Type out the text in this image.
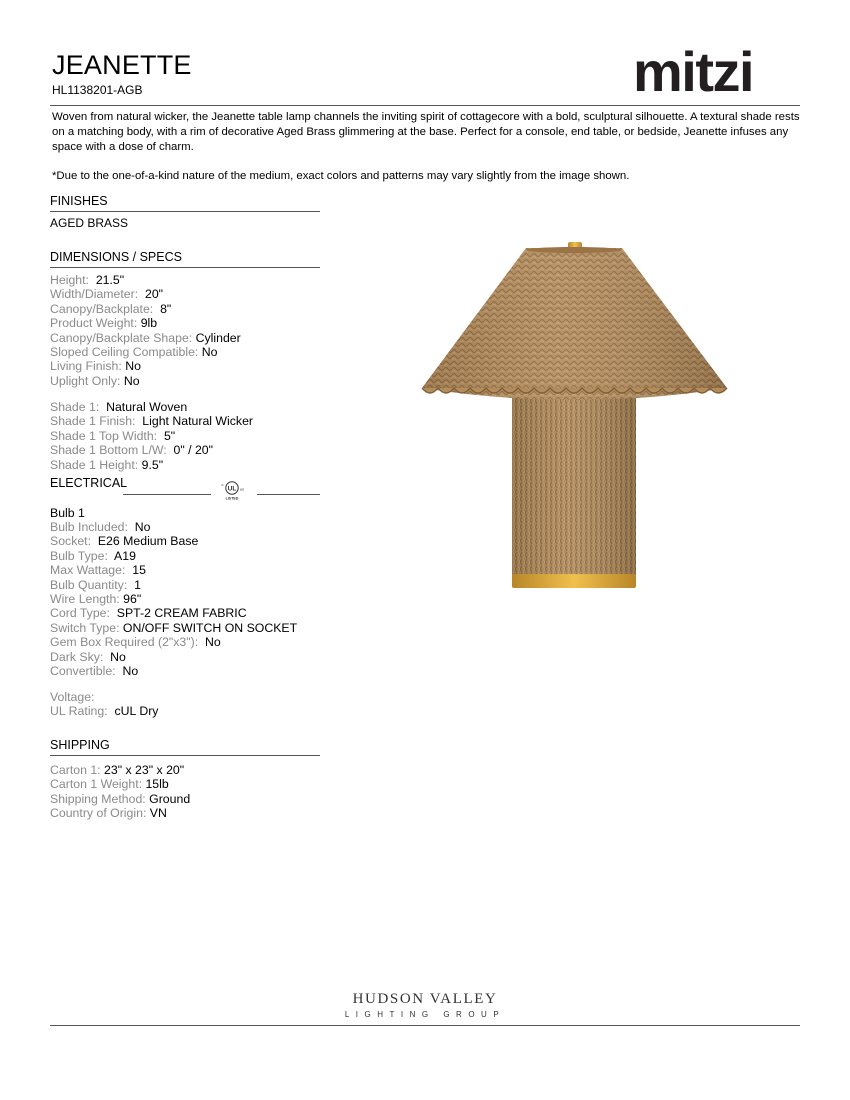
JEANETTE
HL1138201-AGB	mitzi
Woven from natural wicker, the Jeanette table lamp channels the inviting spirit of cottagecore with a bold, sculptural silhouette. A textural shade rests on a matching body, with a rim of decorative Aged Brass glimmering at the base. Perfect for a console, end table, or bedside, Jeanette infuses any space with a dose of charm.
*Due to the one-of-a-kind nature of the medium, exact colors and patterns may vary slightly from the image shown.
FINISHES
AGED BRASS
DIMENSIONS / SPECS
Height: 21.5"
Width/Diameter: 20"
Canopy/Backplate: 8"
Product Weight: 9lb
Canopy/Backplate Shape: Cylinder
Sloped Ceiling Compatible: No
Living Finish: No
Uplight Only: No
Shade 1: Natural Woven
Shade 1 Finish: Light Natural Wicker
Shade 1 Top Width: 5"
Shade 1 Bottom L/W: 0" / 20"
Shade 1 Height: 9.5"
ELECTRICAL	UL
c
us
LISTED
Bulb 1
Bulb Included: No
Socket: E26 Medium Base
Bulb Type: A19
Max Wattage: 15
Bulb Quantity: 1
Wire Length: 96"
Cord Type: SPT-2 CREAM FABRIC
Switch Type: ON/OFF SWITCH ON SOCKET
Gem Box Required (2"x3"): No
Dark Sky: No
Convertible: No
Voltage:
UL Rating: cUL Dry
SHIPPING
Carton 1: 23" x 23" x 20"
Carton 1 Weight: 15lb
Shipping Method: Ground
Country of Origin: VN
HUDSON VALLEY
LIGHTING GROUP
